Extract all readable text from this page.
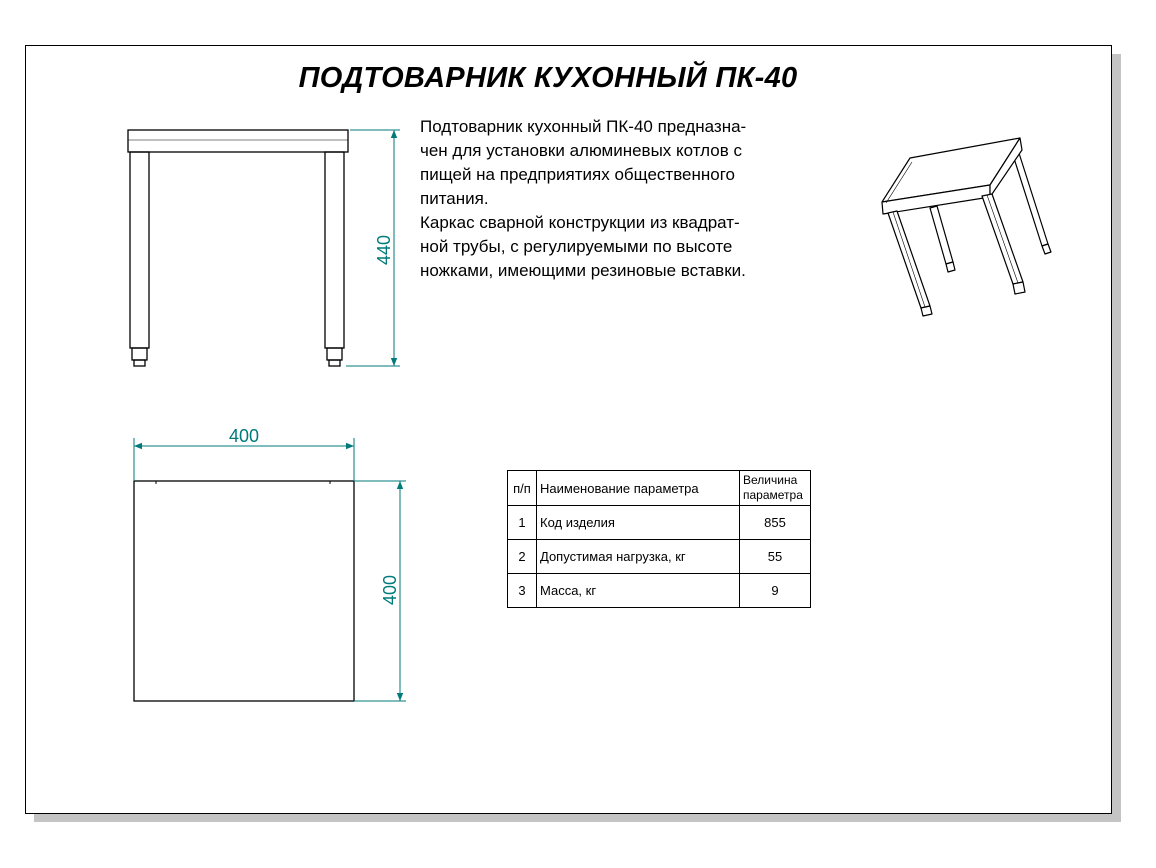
ПОДТОВАРНИК КУХОННЫЙ ПК-40
Подтоварник кухонный ПК-40 предназна-
чен для установки алюминевых котлов с
пищей на предприятиях общественного
питания.
Каркас сварной конструкции из квадрат-
ной трубы, с регулируемыми по высоте
ножками, имеющими резиновые вставки.
440
400
400
п/п	Наименование параметра	Величина
параметра

1	Код изделия	855
2	Допустимая нагрузка, кг	55
3	Масса, кг	9
